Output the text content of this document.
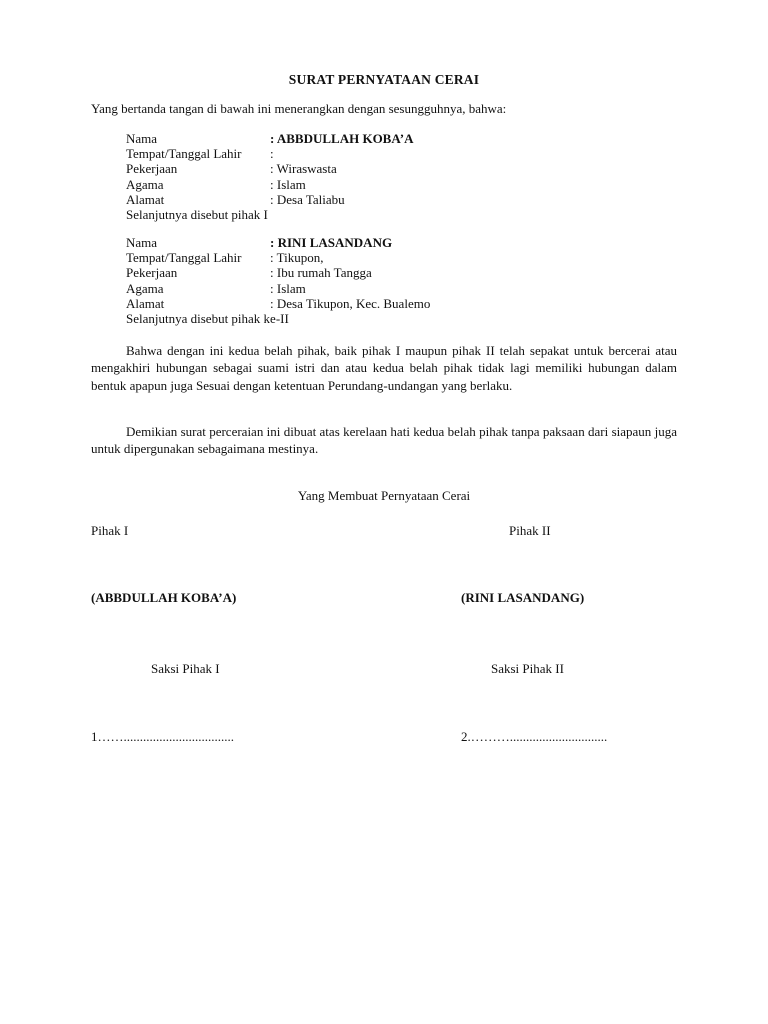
SURAT PERNYATAAN CERAI
Yang bertanda tangan di bawah ini menerangkan dengan sesungguhnya, bahwa:
Nama	: ABBDULLAH KOBA’A
Tempat/Tanggal Lahir :
Pekerjaan	: Wiraswasta
Agama	: Islam
Alamat	: Desa Taliabu
Selanjutnya disebut pihak I
Nama	: RINI LASANDANG
Tempat/Tanggal Lahir : Tikupon,
Pekerjaan	: Ibu rumah Tangga
Agama	: Islam
Alamat	: Desa Tikupon, Kec. Bualemo
Selanjutnya disebut pihak ke-II
Bahwa dengan ini kedua belah pihak, baik pihak I maupun pihak II telah sepakat untuk bercerai atau mengakhiri hubungan sebagai suami istri dan atau kedua belah pihak tidak lagi memiliki hubungan dalam bentuk apapun juga Sesuai dengan ketentuan Perundang-undangan yang berlaku.
Demikian surat perceraian ini dibuat atas kerelaan hati kedua belah pihak tanpa paksaan dari siapaun juga untuk dipergunakan sebagaimana mestinya.
Yang Membuat Pernyataan Cerai
Pihak I	Pihak II
(ABBDULLAH KOBA’A)	(RINI LASANDANG)
Saksi Pihak I	Saksi Pihak II
1……..................................	2.………..............................
